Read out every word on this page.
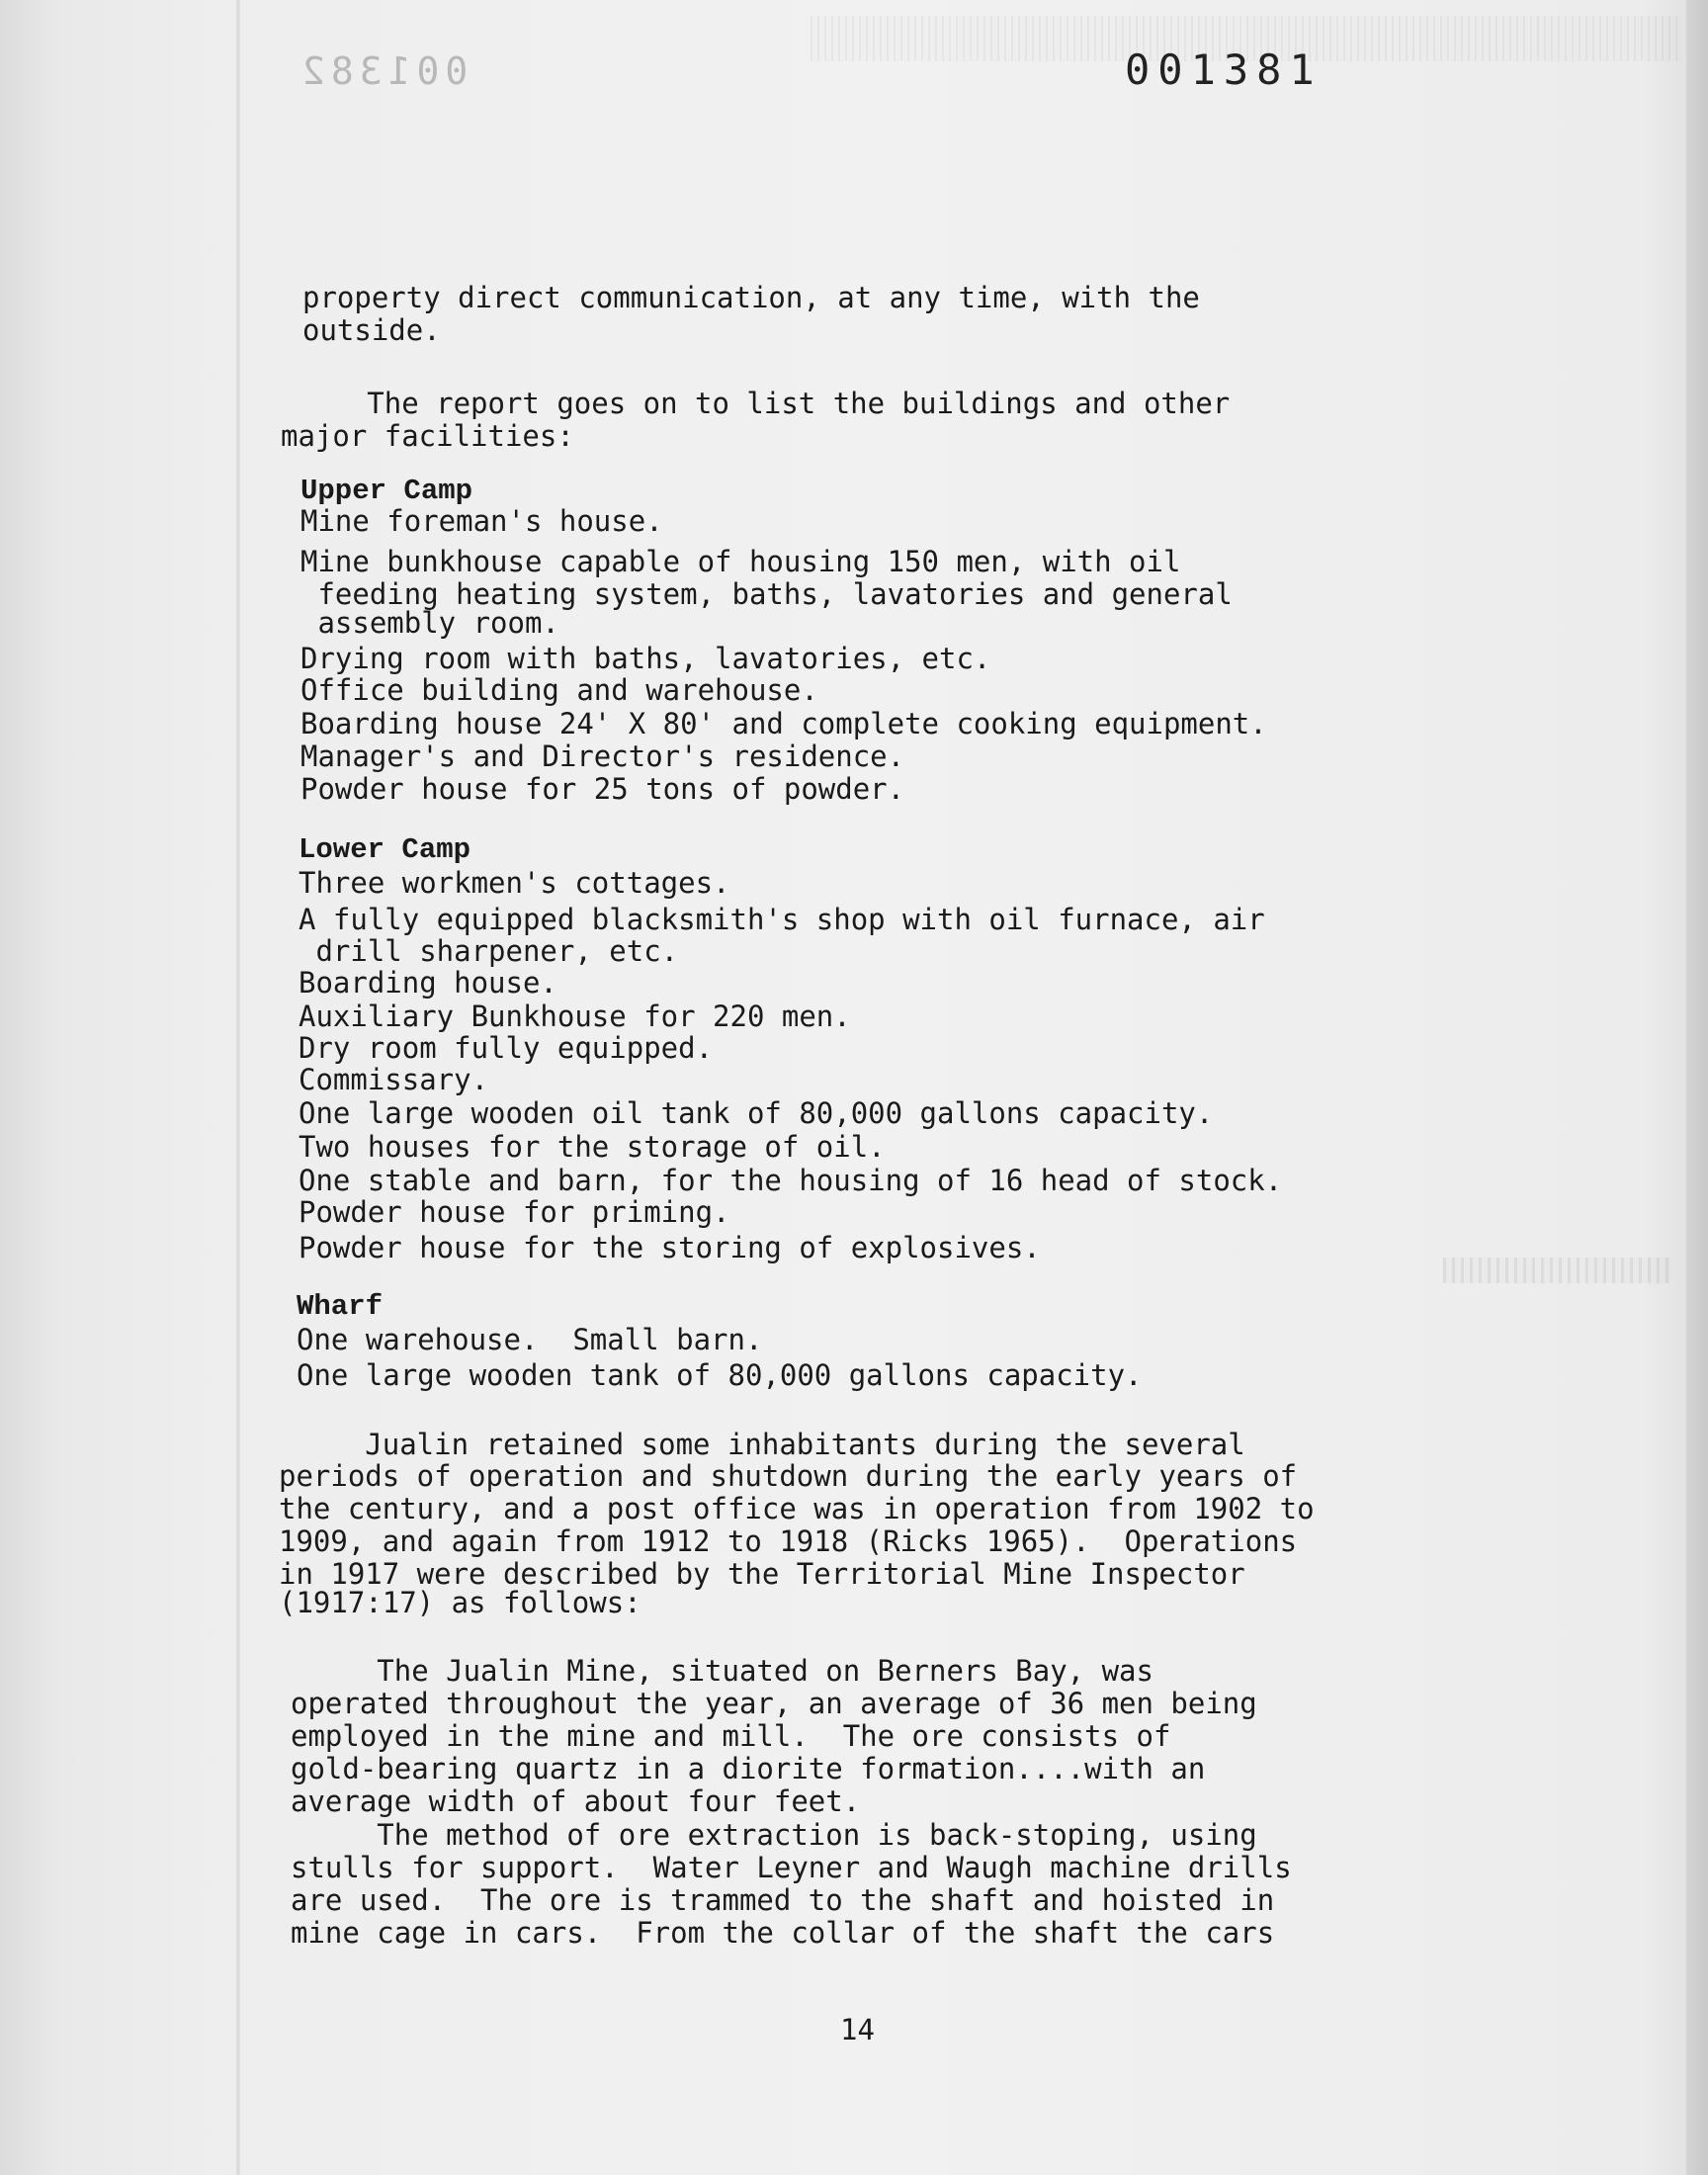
001382	001381

property direct communication, at any time, with the

outside.

The report goes on to list the buildings and other

major facilities:

Upper Camp

Mine foreman's house.

Mine bunkhouse capable of housing 150 men, with oil

feeding heating system, baths, lavatories and general

assembly room.

Drying room with baths, lavatories, etc.

Office building and warehouse.

Boarding house 24' X 80' and complete cooking equipment.

Manager's and Director's residence.

Powder house for 25 tons of powder.

Lower Camp

Three workmen's cottages.

A fully equipped blacksmith's shop with oil furnace, air

drill sharpener, etc.

Boarding house.

Auxiliary Bunkhouse for 220 men.

Dry room fully equipped.

Commissary.

One large wooden oil tank of 80,000 gallons capacity.

Two houses for the storage of oil.

One stable and barn, for the housing of 16 head of stock.

Powder house for priming.

Powder house for the storing of explosives.

Wharf

One warehouse.  Small barn.

One large wooden tank of 80,000 gallons capacity.

Jualin retained some inhabitants during the several

periods of operation and shutdown during the early years of

the century, and a post office was in operation from 1902 to

1909, and again from 1912 to 1918 (Ricks 1965).  Operations

in 1917 were described by the Territorial Mine Inspector

(1917:17) as follows:

The Jualin Mine, situated on Berners Bay, was

operated throughout the year, an average of 36 men being

employed in the mine and mill.  The ore consists of

gold-bearing quartz in a diorite formation....with an

average width of about four feet.

The method of ore extraction is back-stoping, using

stulls for support.  Water Leyner and Waugh machine drills

are used.  The ore is trammed to the shaft and hoisted in

mine cage in cars.  From the collar of the shaft the cars

14
